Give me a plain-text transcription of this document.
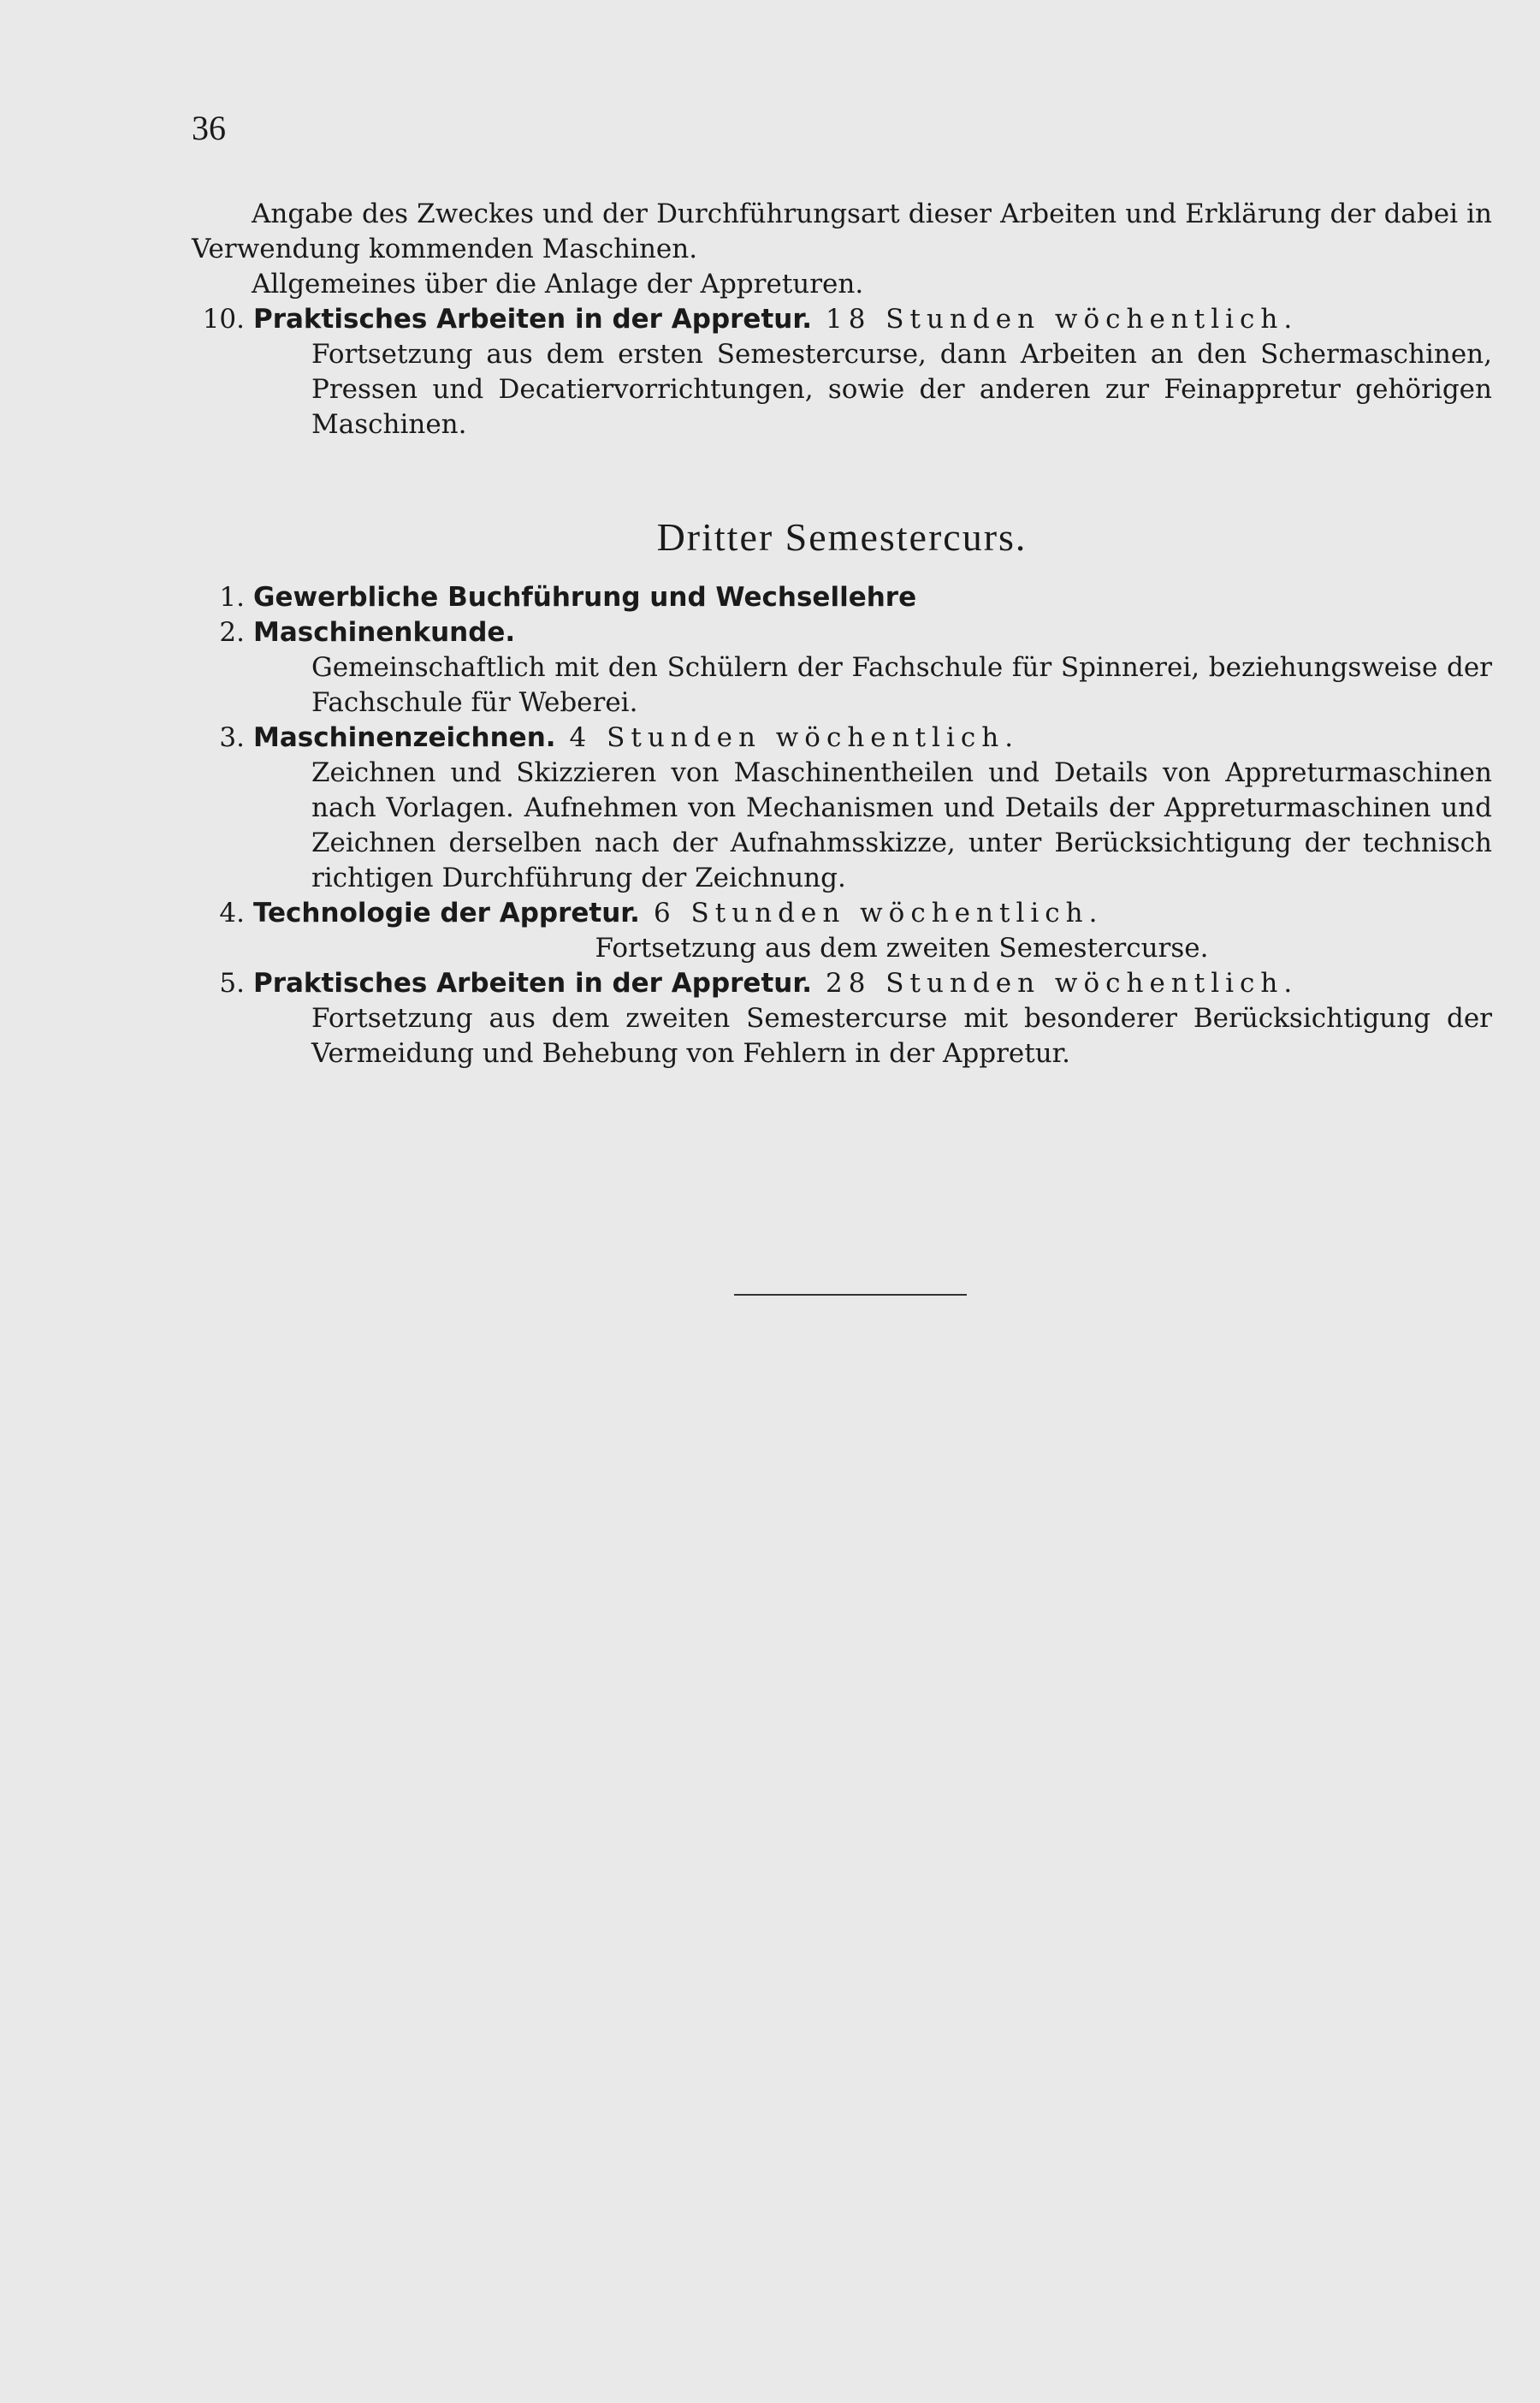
36

Angabe des Zweckes und der Durchführungsart dieser Arbeiten und Erklärung der dabei in Verwendung kommenden Maschinen.

Allgemeines über die Anlage der Appreturen.

10. Praktisches Arbeiten in der Appretur. 18 Stunden wöchentlich.
Fortsetzung aus dem ersten Semestercurse, dann Arbeiten an den Schermaschinen, Pressen und Decatiervorrichtungen, sowie der anderen zur Feinappretur gehörigen Maschinen.
Dritter Semestercurs.
1. Gewerbliche Buchführung und Wechsellehre
2. Maschinenkunde.
Gemeinschaftlich mit den Schülern der Fachschule für Spinnerei, beziehungsweise der Fachschule für Weberei.
3. Maschinenzeichnen. 4 Stunden wöchentlich.
Zeichnen und Skizzieren von Maschinentheilen und Details von Appreturmaschinen nach Vorlagen. Aufnehmen von Mechanismen und Details der Appreturmaschinen und Zeichnen derselben nach der Aufnahmsskizze, unter Berücksichtigung der technisch richtigen Durchführung der Zeichnung.
4. Technologie der Appretur. 6 Stunden wöchentlich.
Fortsetzung aus dem zweiten Semestercurse.
5. Praktisches Arbeiten in der Appretur. 28 Stunden wöchentlich.
Fortsetzung aus dem zweiten Semestercurse mit besonderer Berücksichtigung der Vermeidung und Behebung von Fehlern in der Appretur.
